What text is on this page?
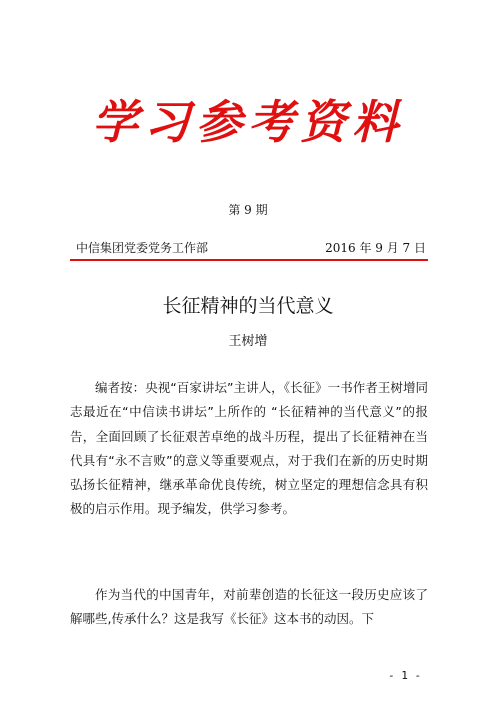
学习参考资料
第 9 期
中信集团党委党务工作部	2016 年 9 月 7 日
长征精神的当代意义
王树增

编者按：央视“百家讲坛”主讲人，《长征》一书作者王树增同志最近在“中信读书讲坛”上所作的 “长征精神的当代意义”的报告，全面回顾了长征艰苦卓绝的战斗历程，提出了长征精神在当代具有“永不言败”的意义等重要观点，对于我们在新的历史时期弘扬长征精神，继承革命优良传统，树立坚定的理想信念具有积极的启示作用。现予编发，供学习参考。

作为当代的中国青年，对前辈创造的长征这一段历史应该了解哪些,传承什么？这是我写《长征》这本书的动因。下

- 1 -
